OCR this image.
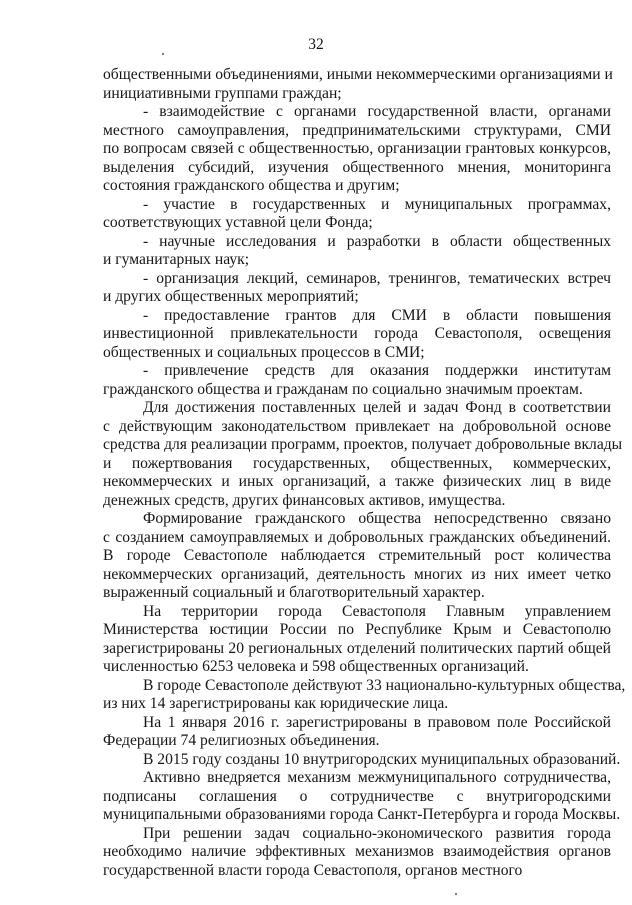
32
общественными объединениями, иными некоммерческими организациями и
инициативными группами граждан;
- взаимодействие с органами государственной власти, органами
местного самоуправления, предпринимательскими структурами, СМИ
по вопросам связей с общественностью, организации грантовых конкурсов,
выделения субсидий, изучения общественного мнения, мониторинга
состояния гражданского общества и другим;
- участие в государственных и муниципальных программах,
соответствующих уставной цели Фонда;
- научные исследования и разработки в области общественных
и гуманитарных наук;
- организация лекций, семинаров, тренингов, тематических встреч
и других общественных мероприятий;
- предоставление грантов для СМИ в области повышения
инвестиционной привлекательности города Севастополя, освещения
общественных и социальных процессов в СМИ;
- привлечение средств для оказания поддержки институтам
гражданского общества и гражданам по социально значимым проектам.
Для достижения поставленных целей и задач Фонд в соответствии
с действующим законодательством привлекает на добровольной основе
средства для реализации программ, проектов, получает добровольные вклады
и пожертвования государственных, общественных, коммерческих,
некоммерческих и иных организаций, а также физических лиц в виде
денежных средств, других финансовых активов, имущества.
Формирование гражданского общества непосредственно связано
с созданием самоуправляемых и добровольных гражданских объединений.
В городе Севастополе наблюдается стремительный рост количества
некоммерческих организаций, деятельность многих из них имеет четко
выраженный социальный и благотворительный характер.
На территории города Севастополя Главным управлением
Министерства юстиции России по Республике Крым и Севастополю
зарегистрированы 20 региональных отделений политических партий общей
численностью 6253 человека и 598 общественных организаций.
В городе Севастополе действуют 33 национально-культурных общества,
из них 14 зарегистрированы как юридические лица.
На 1 января 2016 г. зарегистрированы в правовом поле Российской
Федерации 74 религиозных объединения.
В 2015 году созданы 10 внутригородских муниципальных образований.
Активно внедряется механизм межмуниципального сотрудничества,
подписаны соглашения о сотрудничестве с внутригородскими
муниципальными образованиями города Санкт-Петербурга и города Москвы.
При решении задач социально-экономического развития города
необходимо наличие эффективных механизмов взаимодействия органов
государственной власти города Севастополя, органов местного
